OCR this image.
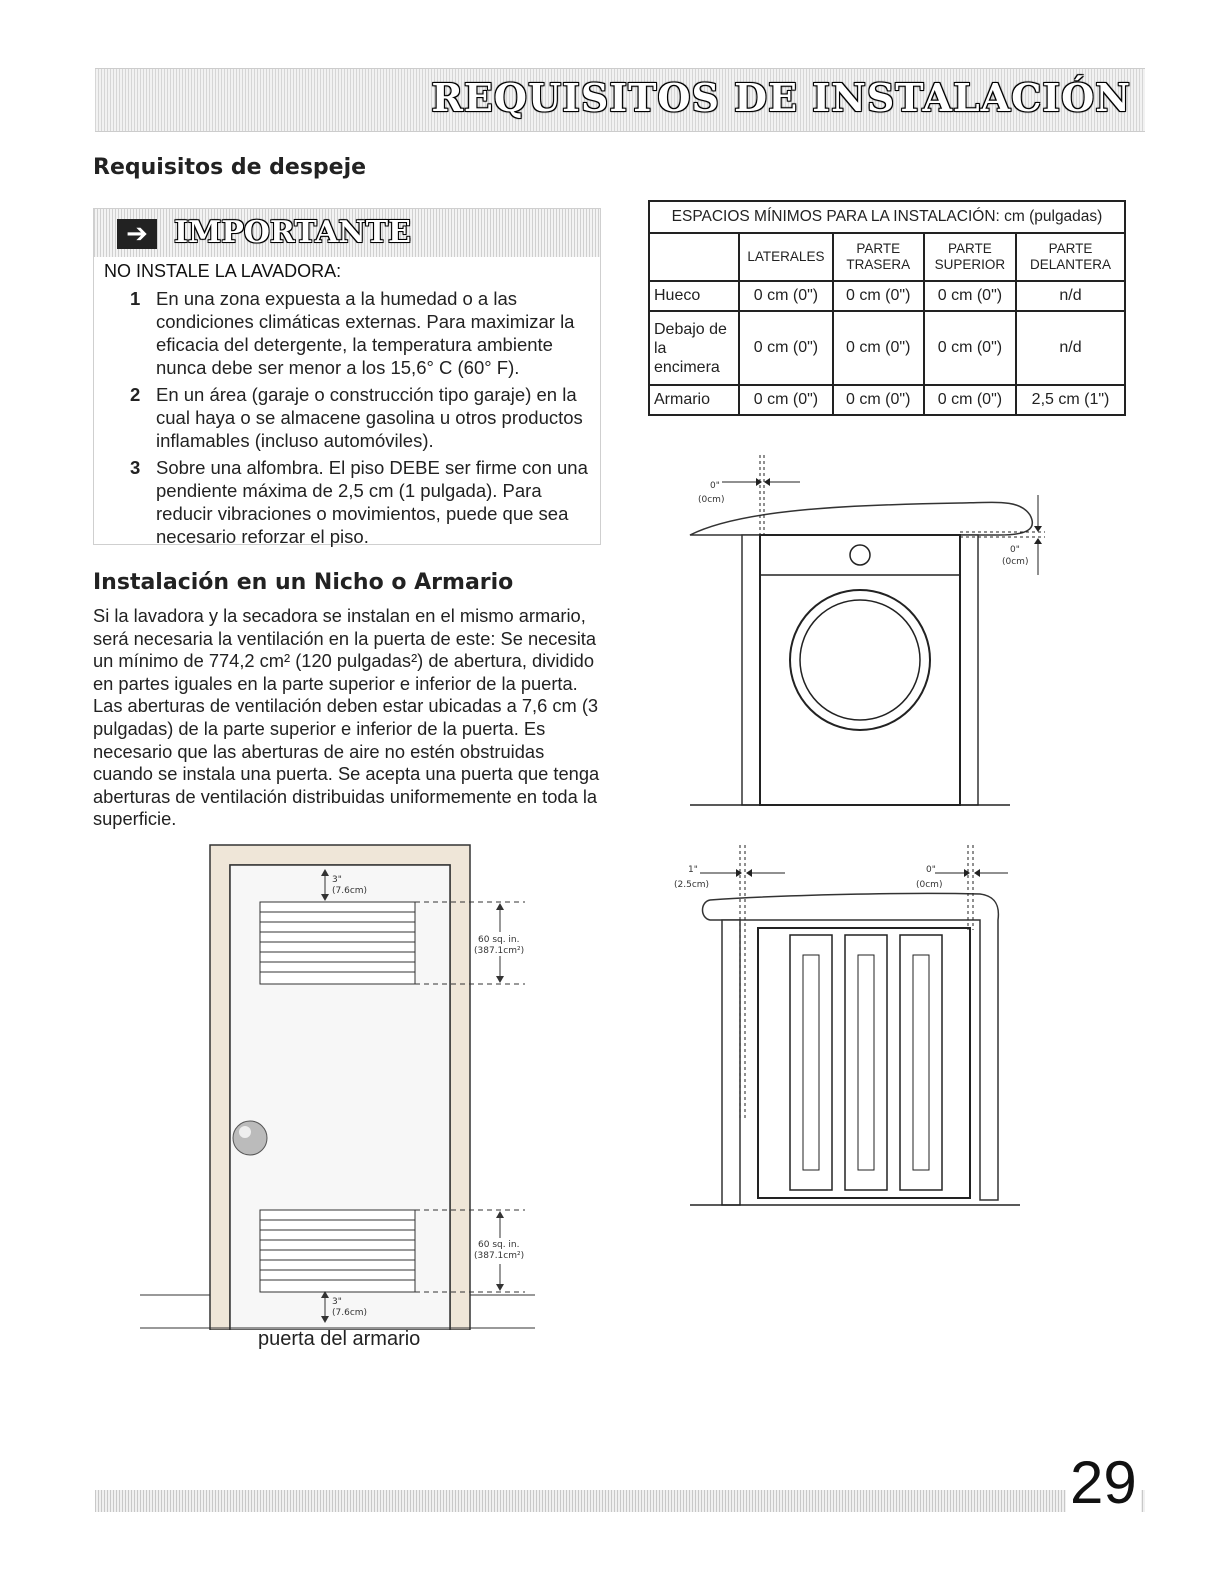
REQUISITOS DE INSTALACIÓN
Requisitos de despeje
➔ IMPORTANTE
NO INSTALE LA LAVADORA:
1 En una zona expuesta a la humedad o a las condiciones climáticas externas. Para maximizar la eficacia del detergente, la temperatura ambiente nunca debe ser menor a los 15,6° C (60° F).
2 En un área (garaje o construcción tipo garaje) en la cual haya o se almacene gasolina u otros productos inflamables (incluso automóviles).
3 Sobre una alfombra. El piso DEBE ser firme con una pendiente máxima de 2,5 cm (1 pulgada). Para reducir vibraciones o movimientos, puede que sea necesario reforzar el piso.
Instalación en un Nicho o Armario
Si la lavadora y la secadora se instalan en el mismo armario, será necesaria la ventilación en la puerta de este: Se necesita un mínimo de 774,2 cm² (120 pulgadas²) de abertura, dividido en partes iguales en la parte superior e inferior de la puerta. Las aberturas de ventilación deben estar ubicadas a 7,6 cm (3 pulgadas) de la parte superior e inferior de la puerta. Es necesario que las aberturas de aire no estén obstruidas cuando se instala una puerta. Se acepta una puerta que tenga aberturas de ventilación distribuidas uniformemente en toda la superficie.
ESPACIOS MÍNIMOS PARA LA INSTALACIÓN: cm (pulgadas)				
	LATERALES	PARTE TRASERA	PARTE SUPERIOR	PARTE DELANTERA
Hueco	0 cm (0")	0 cm (0")	0 cm (0")	n/d
Debajo de la encimera	0 cm (0")	0 cm (0")	0 cm (0")	n/d
Armario	0 cm (0")	0 cm (0")	0 cm (0")	2,5 cm (1")
0"
(0cm)
0"
(0cm)
1"
(2.5cm)
0"
(0cm)
3"
(7.6cm)
60 sq. in.
(387.1cm²)
60 sq. in.
(387.1cm²)
3"
(7.6cm)
puerta del armario
29
